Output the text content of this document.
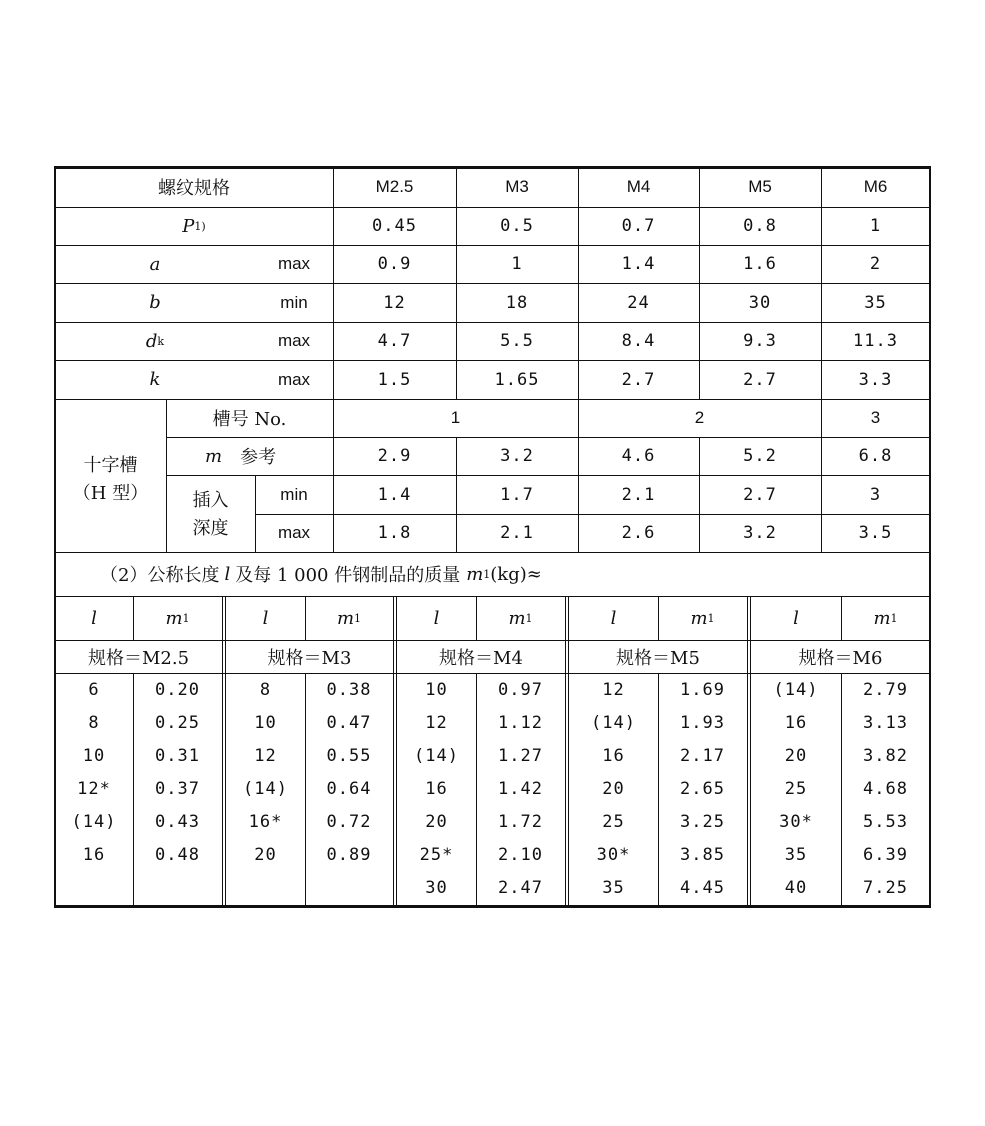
螺纹规格	M2.5	M3	M4	M5	M6
P 1)	0.45	0.5	0.7	0.8	1
a	max	0.9	1	1.4	1.6	2
b	min	12	18	24	30	35
d k	max	4.7	5.5	8.4	9.3	11.3
k	max	1.5	1.65	2.7	2.7	3.3
十字槽
（H 型）
槽号 No.	1	2	3
m 参考	2.9	3.2	4.6	5.2	6.8
插入
深度
min	1.4	1.7	2.1	2.7	3
max	1.8	2.1	2.6	3.2	3.5
（2）公称长度 l 及每 1 000 件钢制品的质量 m 1 (kg)≈
l	m 1
规格＝M2.5
6	0.20
8	0.25
10	0.31
12*	0.37
(14)	0.43
16	0.48
l	m 1
规格＝M3
8	0.38
10	0.47
12	0.55
(14)	0.64
16*	0.72
20	0.89
l	m 1
规格＝M4
10	0.97
12	1.12
(14)	1.27
16	1.42
20	1.72
25*	2.10
30	2.47
l	m 1
规格＝M5
12	1.69
(14)	1.93
16	2.17
20	2.65
25	3.25
30*	3.85
35	4.45
l	m 1
规格＝M6
(14)	2.79
16	3.13
20	3.82
25	4.68
30*	5.53
35	6.39
40	7.25
